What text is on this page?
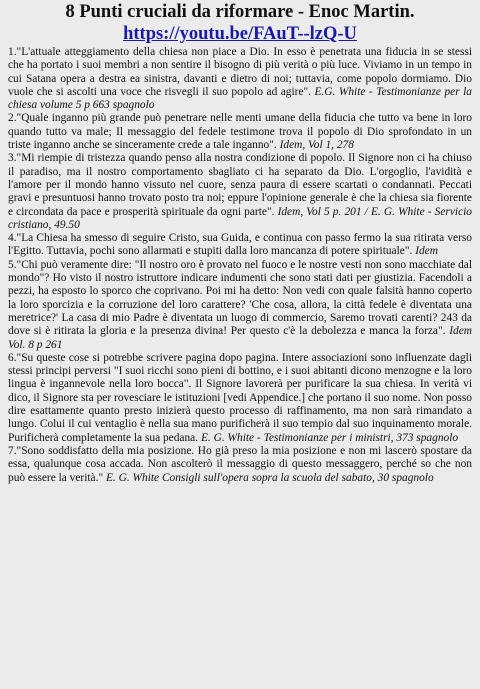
8 Punti cruciali da riformare - Enoc Martin.
https://youtu.be/FAuT--lzQ-U

1."L'attuale atteggiamento della chiesa non piace a Dio. In esso è penetrata una fiducia in se stessi che ha portato i suoi membri a non sentire il bisogno di più verità o più luce. Viviamo in un tempo in cui Satana opera a destra ea sinistra, davanti e dietro di noi; tuttavia, come popolo dormiamo. Dio vuole che si ascolti una voce che risvegli il suo popolo ad agire". E.G. White - Testimonianze per la chiesa volume 5 p 663 spagnolo

2."Quale inganno più grande può penetrare nelle menti umane della fiducia che tutto va bene in loro quando tutto va male; Il messaggio del fedele testimone trova il popolo di Dio sprofondato in un triste inganno anche se sinceramente crede a tale inganno". Idem, Vol 1, 278

3."Mi riempie di tristezza quando penso alla nostra condizione di popolo. Il Signore non ci ha chiuso il paradiso, ma il nostro comportamento sbagliato ci ha separato da Dio. L'orgoglio, l'avidità e l'amore per il mondo hanno vissuto nel cuore, senza paura di essere scartati o condannati. Peccati gravi e presuntuosi hanno trovato posto tra noi; eppure l'opinione generale è che la chiesa sia fiorente e circondata da pace e prosperità spirituale da ogni parte". Idem, Vol 5 p. 201 / E. G. White - Servicio cristiano, 49.50

4."La Chiesa ha smesso di seguire Cristo, sua Guida, e continua con passo fermo la sua ritirata verso l'Egitto. Tuttavia, pochi sono allarmati e stupiti dalla loro mancanza di potere spirituale". Idem

5."Chi può veramente dire: "Il nostro oro è provato nel fuoco e le nostre vesti non sono macchiate dal mondo"? Ho visto il nostro istruttore indicare indumenti che sono stati dati per giustizia. Facendoli a pezzi, ha esposto lo sporco che coprivano. Poi mi ha detto: Non vedi con quale falsità hanno coperto la loro sporcizia e la corruzione del loro carattere? 'Che cosa, allora, la città fedele è diventata una meretrice?' La casa di mio Padre è diventata un luogo di commercio, Saremo trovati carenti? 243 da dove si è ritirata la gloria e la presenza divina! Per questo c'è la debolezza e manca la forza". Idem Vol. 8 p 261

6."Su queste cose si potrebbe scrivere pagina dopo pagina. Intere associazioni sono influenzate dagli stessi principi perversi "I suoi ricchi sono pieni di bottino, e i suoi abitanti dicono menzogne e la loro lingua è ingannevole nella loro bocca". Il Signore lavorerà per purificare la sua chiesa. In verità vi dico, il Signore sta per rovesciare le istituzioni [vedi Appendice.] che portano il suo nome. Non posso dire esattamente quanto presto inizierà questo processo di raffinamento, ma non sarà rimandato a lungo. Colui il cui ventaglio è nella sua mano purificherà il suo tempio dal suo inquinamento morale. Purificherà completamente la sua pedana. E. G. White - Testimonianze per i ministri, 373 spagnolo

7."Sono soddisfatto della mia posizione. Ho già preso la mia posizione e non mi lascerò spostare da essa, qualunque cosa accada. Non ascolterò il messaggio di questo messaggero, perché so che non può essere la verità." E. G. White Consigli sull'opera sopra la scuola del sabato, 30 spagnolo
